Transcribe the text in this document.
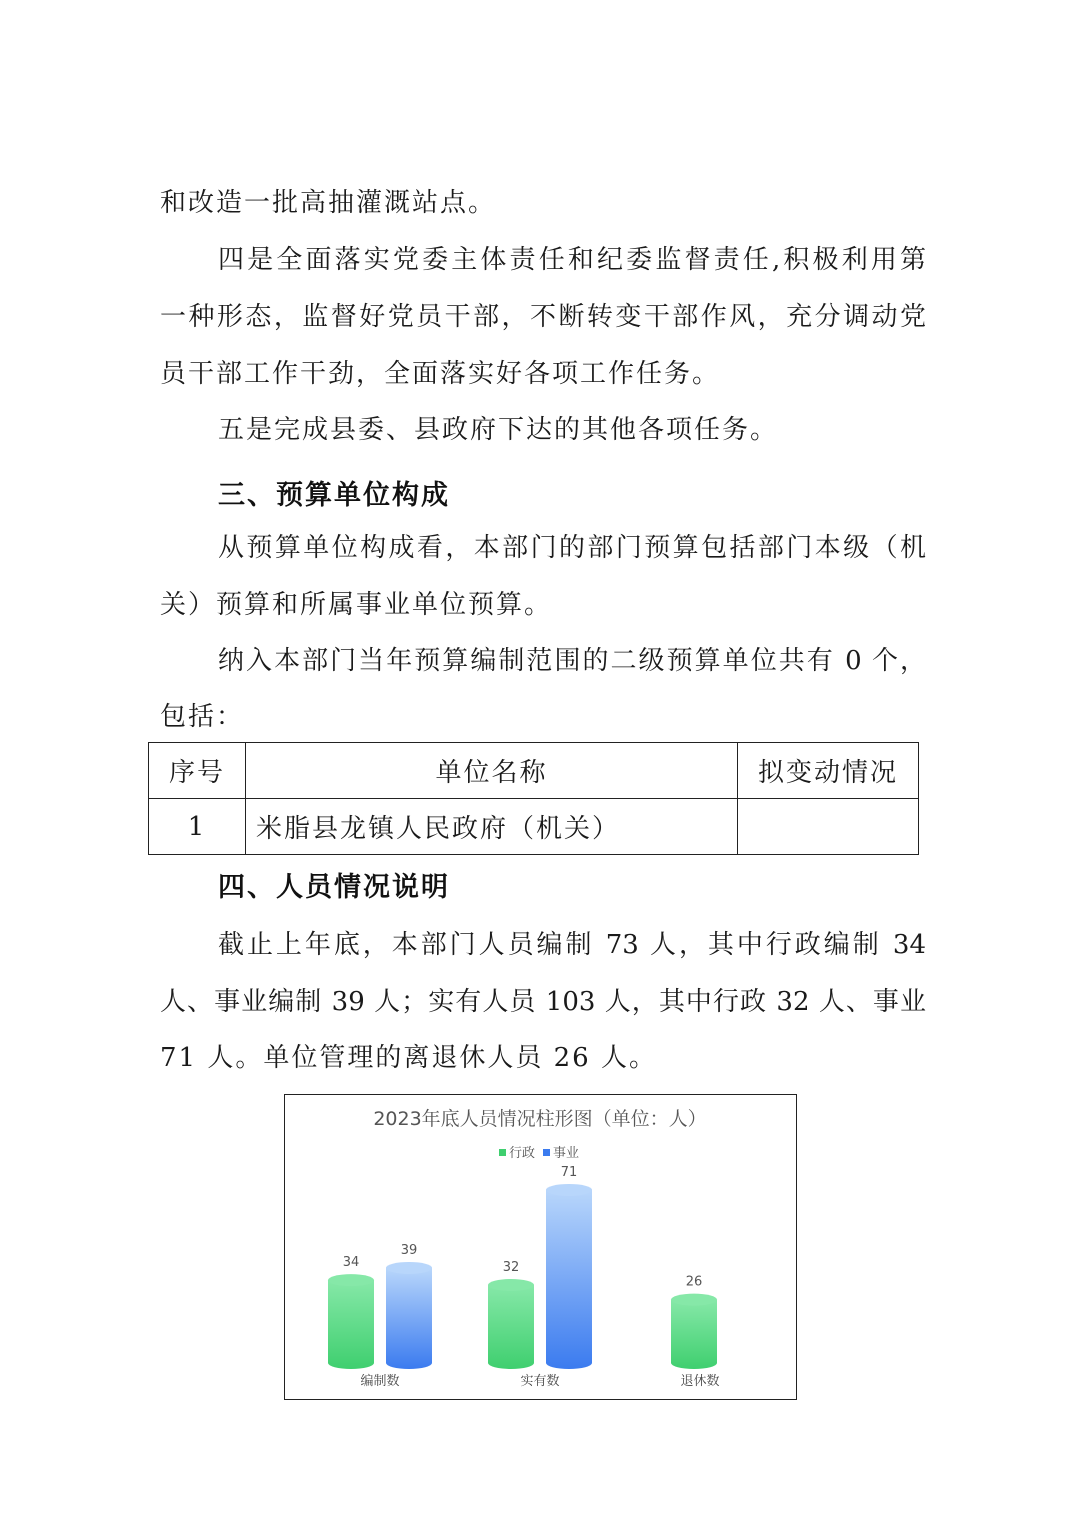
和改造一批高抽灌溉站点。
四是全面落实党委主体责任和纪委监督责任,积极利用第
一种形态，监督好党员干部，不断转变干部作风，充分调动党
员干部工作干劲，全面落实好各项工作任务。
五是完成县委、县政府下达的其他各项任务。
三、预算单位构成
从预算单位构成看，本部门的部门预算包括部门本级（机
关）预算和所属事业单位预算。
纳入本部门当年预算编制范围的二级预算单位共有 0 个，
包括：
序号	单位名称	拟变动情况
1	米脂县龙镇人民政府（机关）	
四、人员情况说明
截止上年底，本部门人员编制 73 人，其中行政编制 34
人、事业编制 39 人；实有人员 103 人，其中行政 32 人、事业
71 人。单位管理的离退休人员 26 人。
2023年底人员情况柱形图（单位：人）
行政 事业
34
39
32
71
26
编制数	实有数	退休数
